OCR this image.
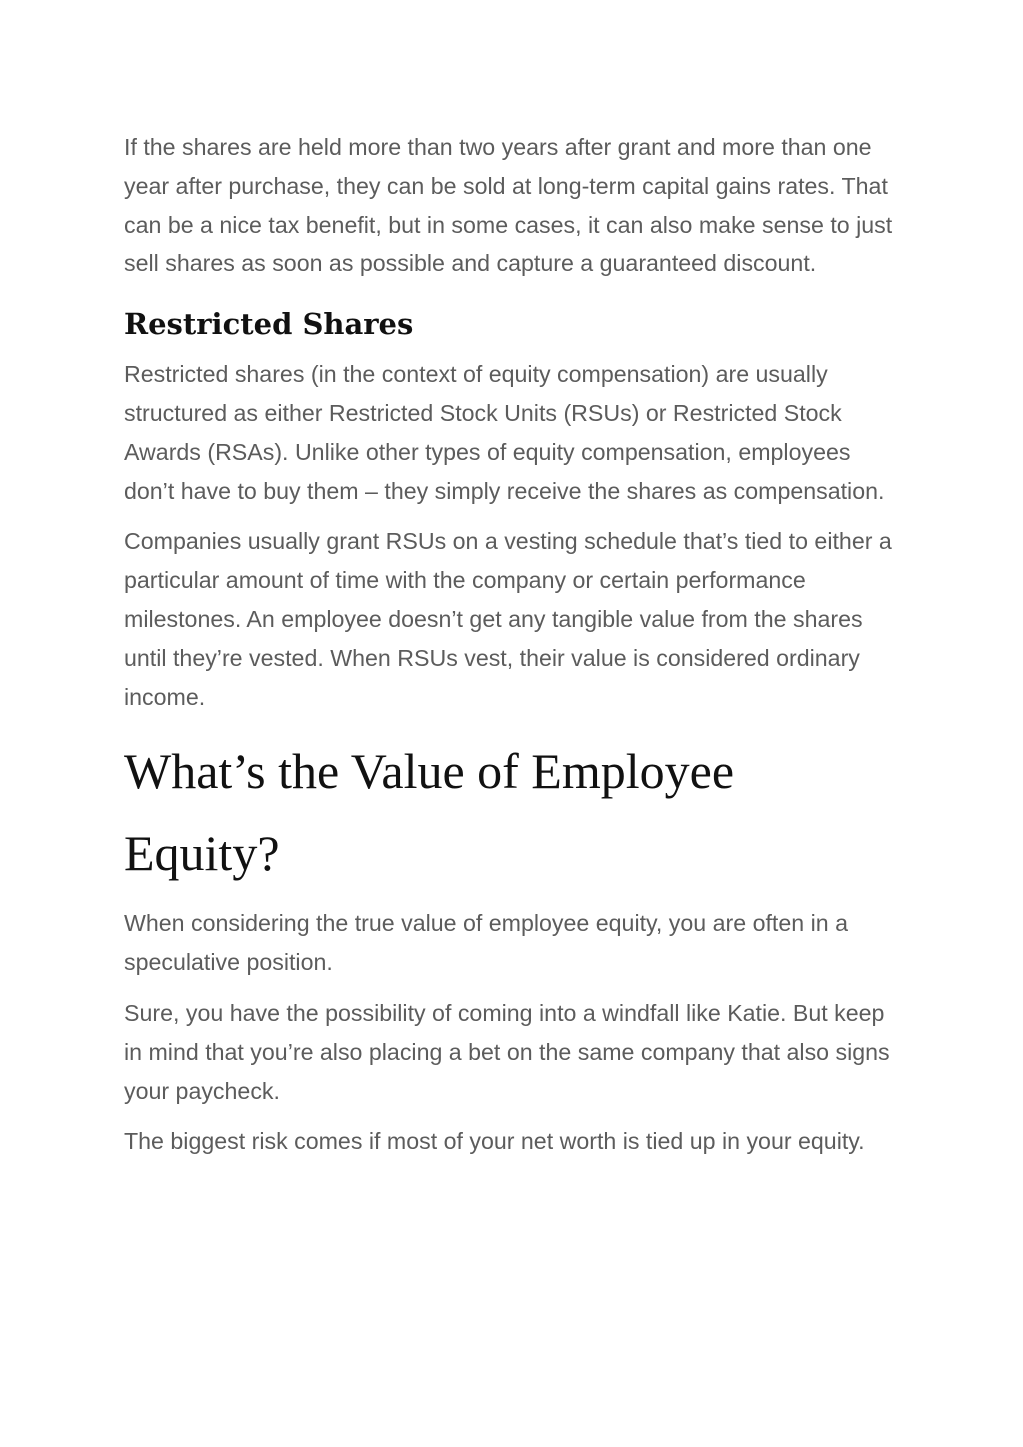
If the shares are held more than two years after grant and more than one year after purchase, they can be sold at long-term capital gains rates. That can be a nice tax benefit, but in some cases, it can also make sense to just sell shares as soon as possible and capture a guaranteed discount.

Restricted Shares

Restricted shares (in the context of equity compensation) are usually structured as either Restricted Stock Units (RSUs) or Restricted Stock Awards (RSAs). Unlike other types of equity compensation, employees don’t have to buy them – they simply receive the shares as compensation.

Companies usually grant RSUs on a vesting schedule that’s tied to either a particular amount of time with the company or certain performance milestones. An employee doesn’t get any tangible value from the shares until they’re vested. When RSUs vest, their value is considered ordinary income.

What’s the Value of Employee Equity?

When considering the true value of employee equity, you are often in a speculative position.

Sure, you have the possibility of coming into a windfall like Katie. But keep in mind that you’re also placing a bet on the same company that also signs your paycheck.

The biggest risk comes if most of your net worth is tied up in your equity.
